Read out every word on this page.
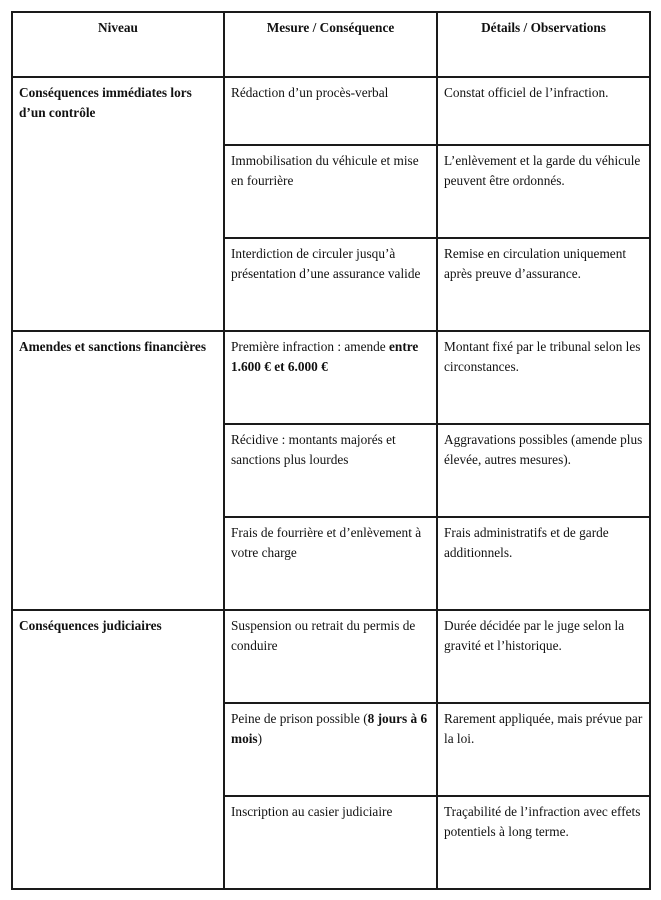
Niveau	Mesure / Conséquence	Détails / Observations
Conséquences immédiates lors d’un contrôle	Rédaction d’un procès-verbal	Constat officiel de l’infraction.
	Immobilisation du véhicule et mise en fourrière	L’enlèvement et la garde du véhicule peuvent être ordonnés.
	Interdiction de circuler jusqu’à présentation d’une assurance valide	Remise en circulation uniquement après preuve d’assurance.
Amendes et sanctions financières	Première infraction : amende entre 1.600 € et 6.000 €	Montant fixé par le tribunal selon les circonstances.
	Récidive : montants majorés et sanctions plus lourdes	Aggravations possibles (amende plus élevée, autres mesures).
	Frais de fourrière et d’enlèvement à votre charge	Frais administratifs et de garde additionnels.
Conséquences judiciaires	Suspension ou retrait du permis de conduire	Durée décidée par le juge selon la gravité et l’historique.
	Peine de prison possible (8 jours à 6 mois)	Rarement appliquée, mais prévue par la loi.
	Inscription au casier judiciaire	Traçabilité de l’infraction avec effets potentiels à long terme.
